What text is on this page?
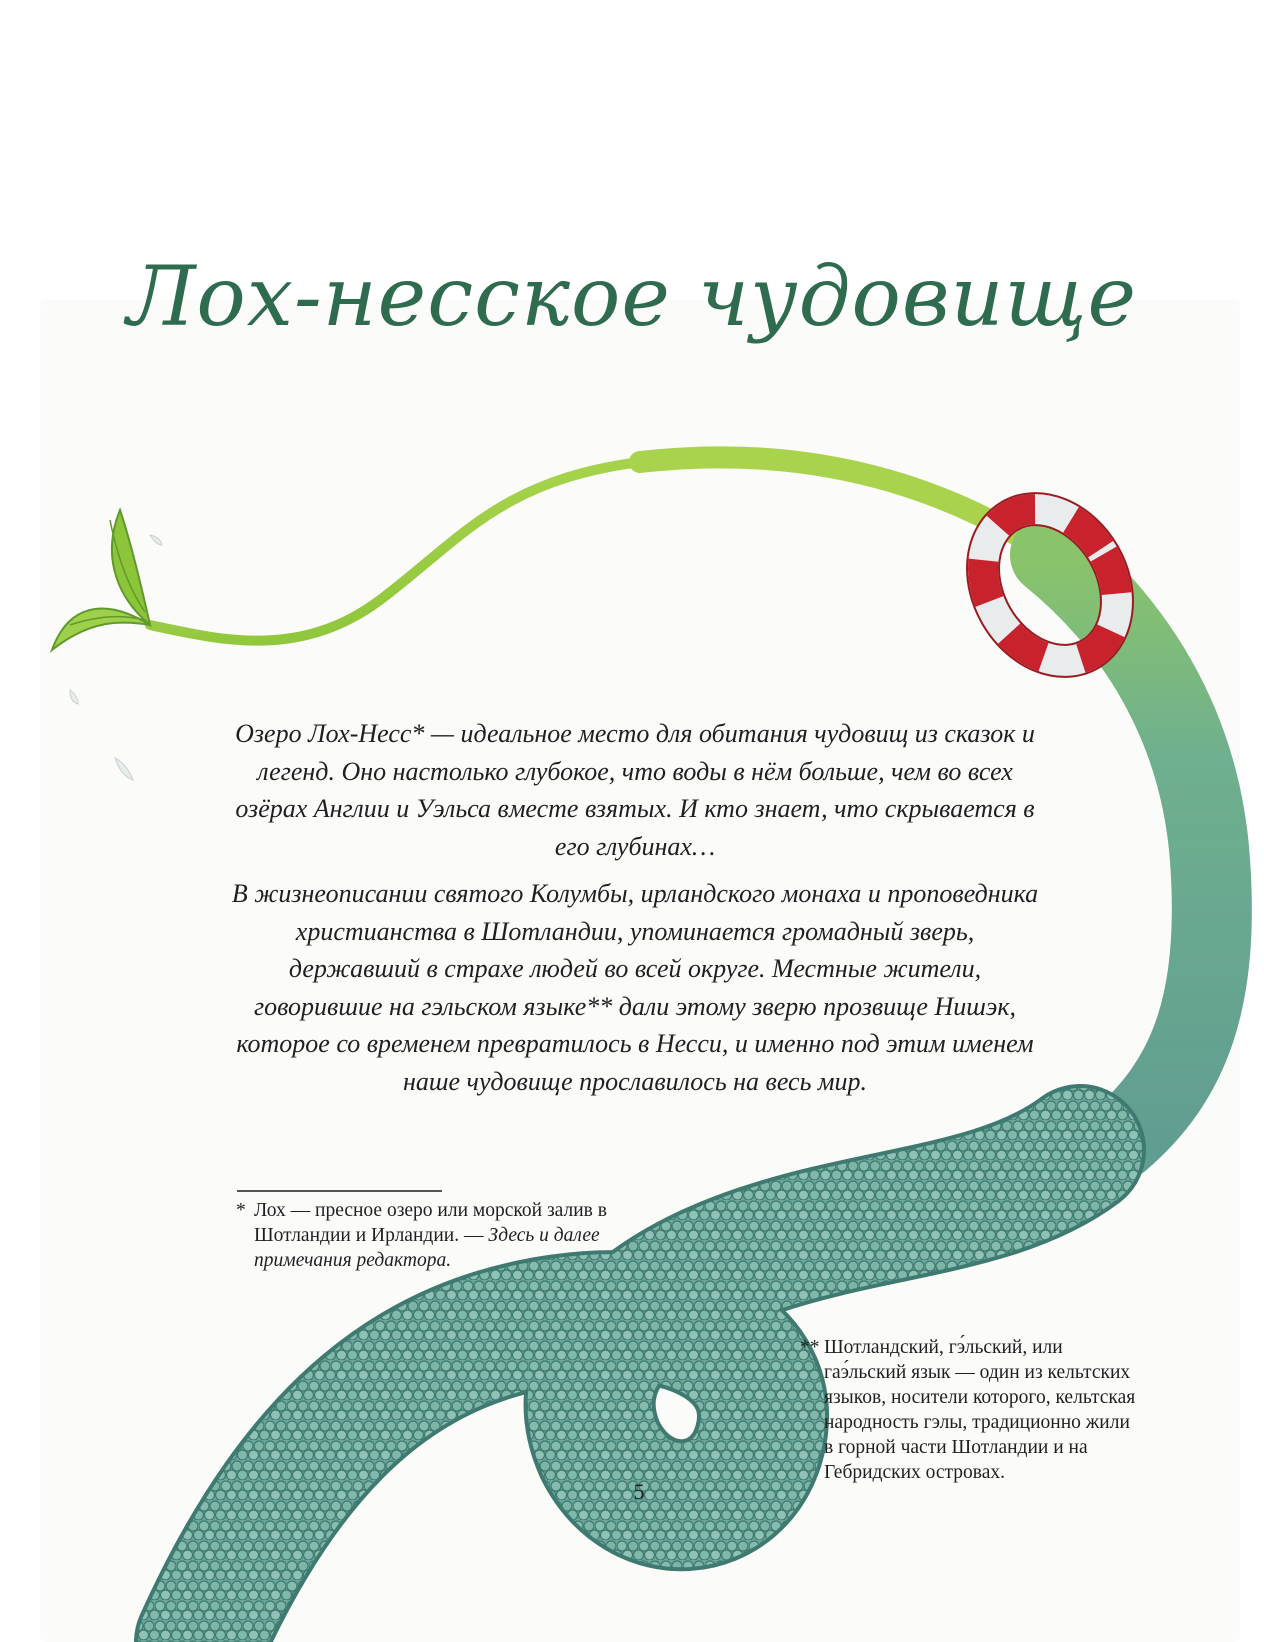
Лох-несское чудовище

Озеро Лох-Несс* — идеальное место для обитания чудовищ из сказок и легенд. Оно настолько глубокое, что воды в нём больше, чем во всех озёрах Англии и Уэльса вместе взятых. И кто знает, что скрывается в его глубинах…

В жизнеописании святого Колумбы, ирландского монаха и проповедника христианства в Шотландии, упоминается громадный зверь, державший в страхе людей во всей округе. Местные жители, говорившие на гэльском языке** дали этому зверю прозвище Нишэк, которое со временем превратилось в Несси, и именно под этим именем наше чудовище прославилось на весь мир.

* Лох — пресное озеро или морской залив в Шотландии и Ирландии. — Здесь и далее примечания редактора.
** Шотландский, гэ́льский, или гаэ́льский язык — один из кельтских языков, носители которого, кельтская народность гэлы, традиционно жили в горной части Шотландии и на Гебридских островах.
5
